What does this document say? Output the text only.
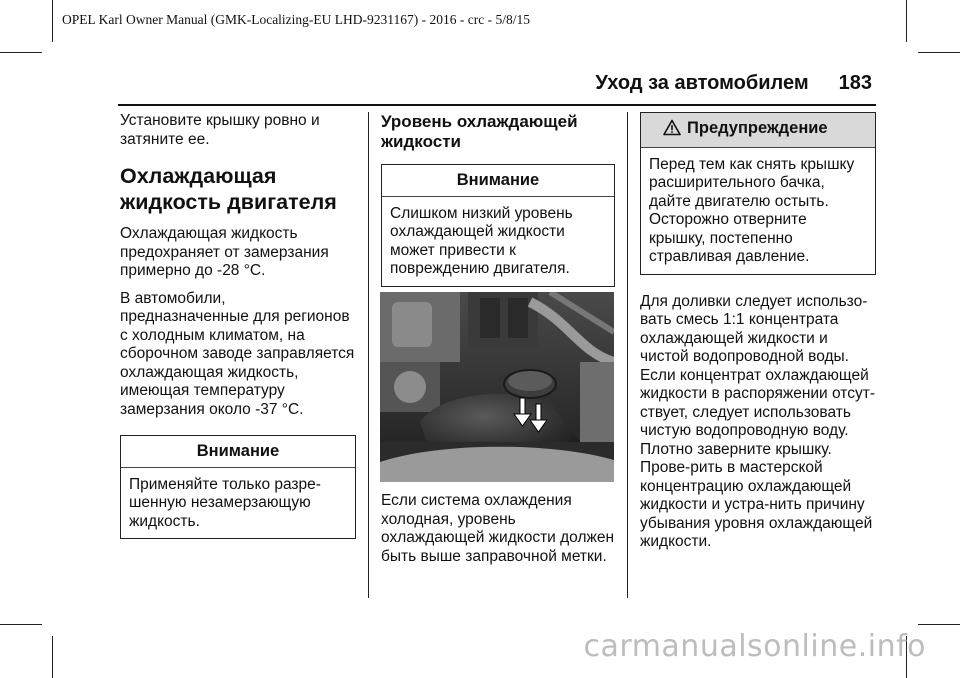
OPEL Karl Owner Manual (GMK-Localizing-EU LHD-9231167) - 2016 - crc - 5/8/15
Уход за автомобилем 183

Установите крышку ровно и затяните ее.

Охлаждающая жидкость двигателя

Охлаждающая жидкость предохраняет от замерзания примерно до -28 °C.

В автомобили, предназначенные для регионов с холодным климатом, на сборочном заводе заправляется охлаждающая жидкость, имеющая температуру замерзания около -37 °C.

Внимание
Применяйте только разре-шенную незамерзающую жидкость.
Уровень охлаждающей жидкости
Внимание
Слишком низкий уровень охлаждающей жидкости может привести к повреждению двигателя.

Если система охлаждения холодная, уровень охлаждающей жидкости должен быть выше заправочной метки.

Предупреждение
Перед тем как снять крышку расширительного бачка, дайте двигателю остыть. Осторожно отверните крышку, постепенно стравливая давление.

Для доливки следует использо-вать смесь 1:1 концентрата охлаждающей жидкости и чистой водопроводной воды. Если концентрат охлаждающей жидкости в распоряжении отсут-ствует, следует использовать чистую водопроводную воду. Плотно заверните крышку. Прове-рить в мастерской концентрацию охлаждающей жидкости и устра-нить причину убывания уровня охлаждающей жидкости.

carmanualsonline.info
